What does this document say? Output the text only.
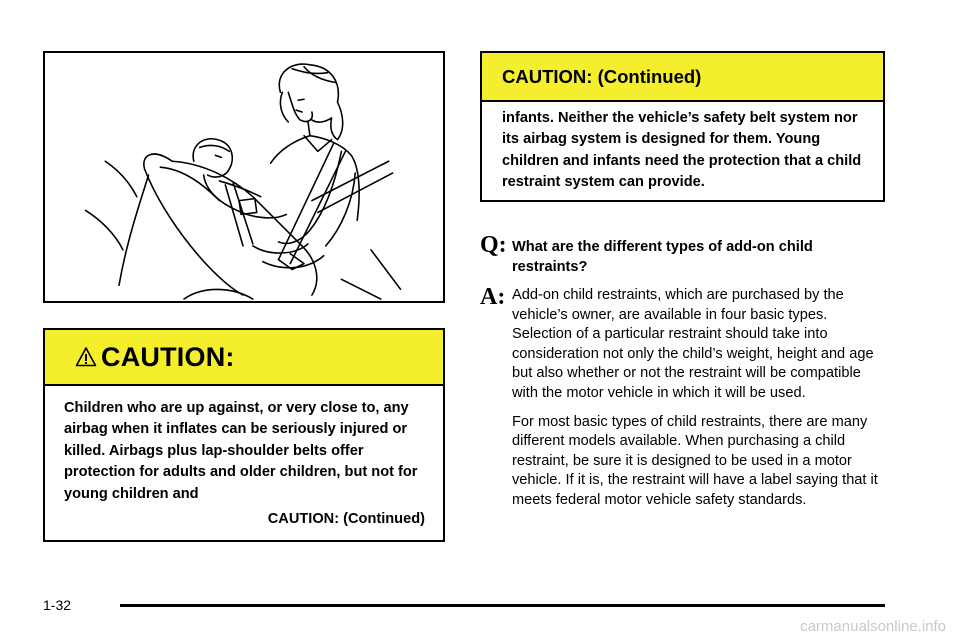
CAUTION:

Children who are up against, or very close to, any airbag when it inflates can be seriously injured or killed. Airbags plus lap-shoulder belts offer protection for adults and older children, but not for young children and

CAUTION: (Continued)
CAUTION: (Continued)

infants. Neither the vehicle’s safety belt system nor its airbag system is designed for them. Young children and infants need the protection that a child restraint system can provide.

Q: What are the different types of add-on child restraints?
A: Add-on child restraints, which are purchased by the vehicle’s owner, are available in four basic types. Selection of a particular restraint should take into consideration not only the child’s weight, height and age but also whether or not the restraint will be compatible with the motor vehicle in which it will be used.

For most basic types of child restraints, there are many different models available. When purchasing a child restraint, be sure it is designed to be used in a motor vehicle. If it is, the restraint will have a label saying that it meets federal motor vehicle safety standards.

1-32
carmanualsonline.info
